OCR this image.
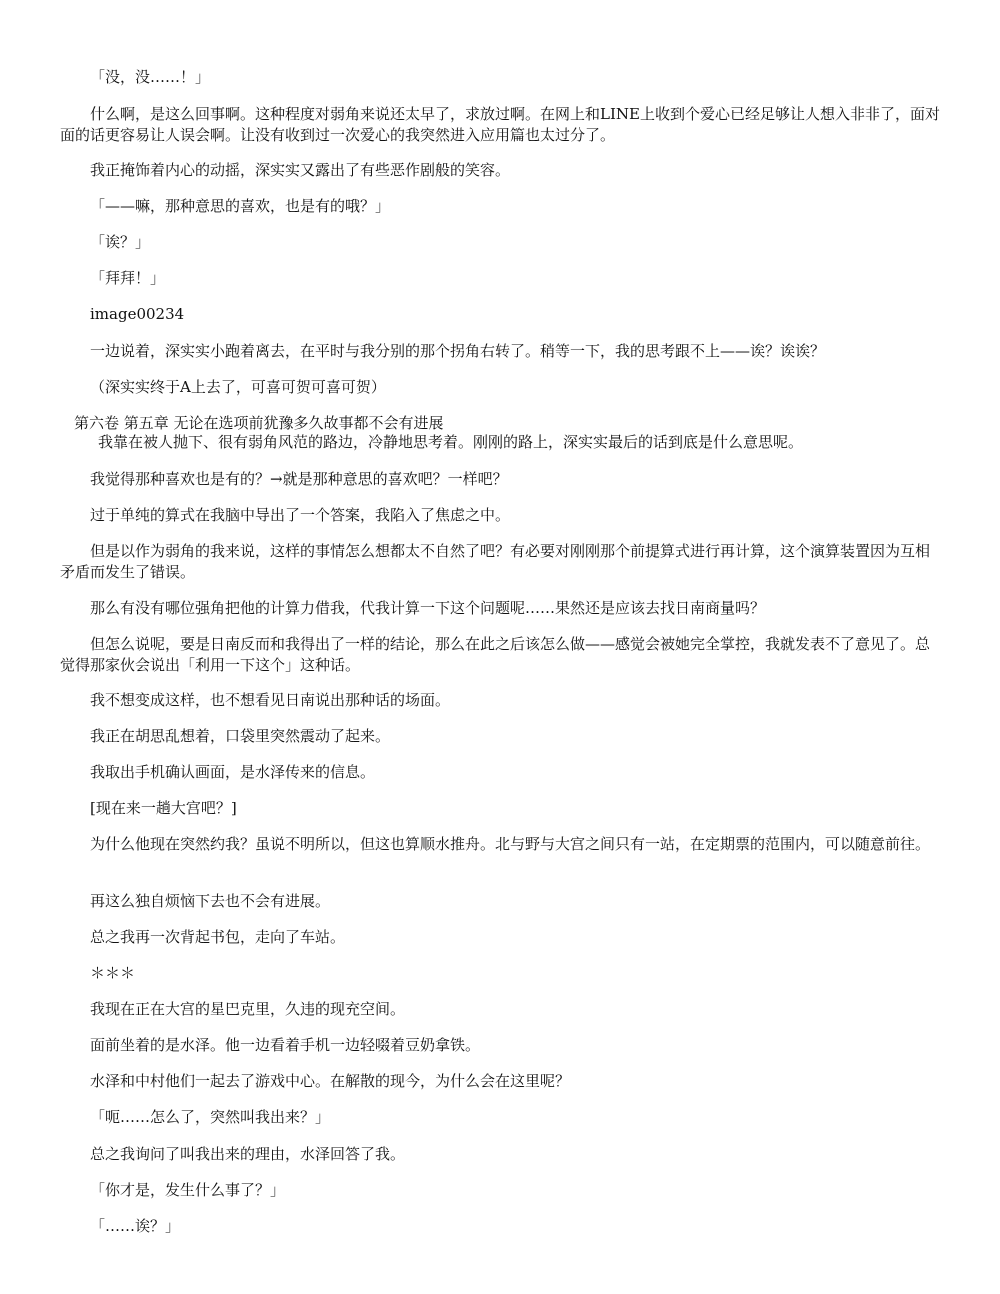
「没，没……！」

什么啊，是这么回事啊。这种程度对弱角来说还太早了，求放过啊。在网上和LINE上收到个爱心已经足够让人想入非非了，面对面的话更容易让人误会啊。让没有收到过一次爱心的我突然进入应用篇也太过分了。

我正掩饰着内心的动摇，深实实又露出了有些恶作剧般的笑容。

「——嘛，那种意思的喜欢，也是有的哦？」

「诶？」

「拜拜！」

image00234

一边说着，深实实小跑着离去，在平时与我分别的那个拐角右转了。稍等一下，我的思考跟不上——诶？诶诶？

（深实实终于A上去了，可喜可贺可喜可贺）

第六卷 第五章 无论在选项前犹豫多久故事都不会有进展

我靠在被人抛下、很有弱角风范的路边，冷静地思考着。刚刚的路上，深实实最后的话到底是什么意思呢。

我觉得那种喜欢也是有的？→就是那种意思的喜欢吧？一样吧？

过于单纯的算式在我脑中导出了一个答案，我陷入了焦虑之中。

但是以作为弱角的我来说，这样的事情怎么想都太不自然了吧？有必要对刚刚那个前提算式进行再计算，这个演算装置因为互相矛盾而发生了错误。

那么有没有哪位强角把他的计算力借我，代我计算一下这个问题呢……果然还是应该去找日南商量吗？

但怎么说呢，要是日南反而和我得出了一样的结论，那么在此之后该怎么做——感觉会被她完全掌控，我就发表不了意见了。总觉得那家伙会说出「利用一下这个」这种话。

我不想变成这样，也不想看见日南说出那种话的场面。

我正在胡思乱想着，口袋里突然震动了起来。

我取出手机确认画面，是水泽传来的信息。

[现在来一趟大宫吧？]

为什么他现在突然约我？虽说不明所以，但这也算顺水推舟。北与野与大宫之间只有一站，在定期票的范围内，可以随意前往。

再这么独自烦恼下去也不会有进展。

总之我再一次背起书包，走向了车站。

＊＊＊

我现在正在大宫的星巴克里，久违的现充空间。

面前坐着的是水泽。他一边看着手机一边轻啜着豆奶拿铁。

水泽和中村他们一起去了游戏中心。在解散的现今，为什么会在这里呢？

「呃……怎么了，突然叫我出来？」

总之我询问了叫我出来的理由，水泽回答了我。

「你才是，发生什么事了？」

「……诶？」
